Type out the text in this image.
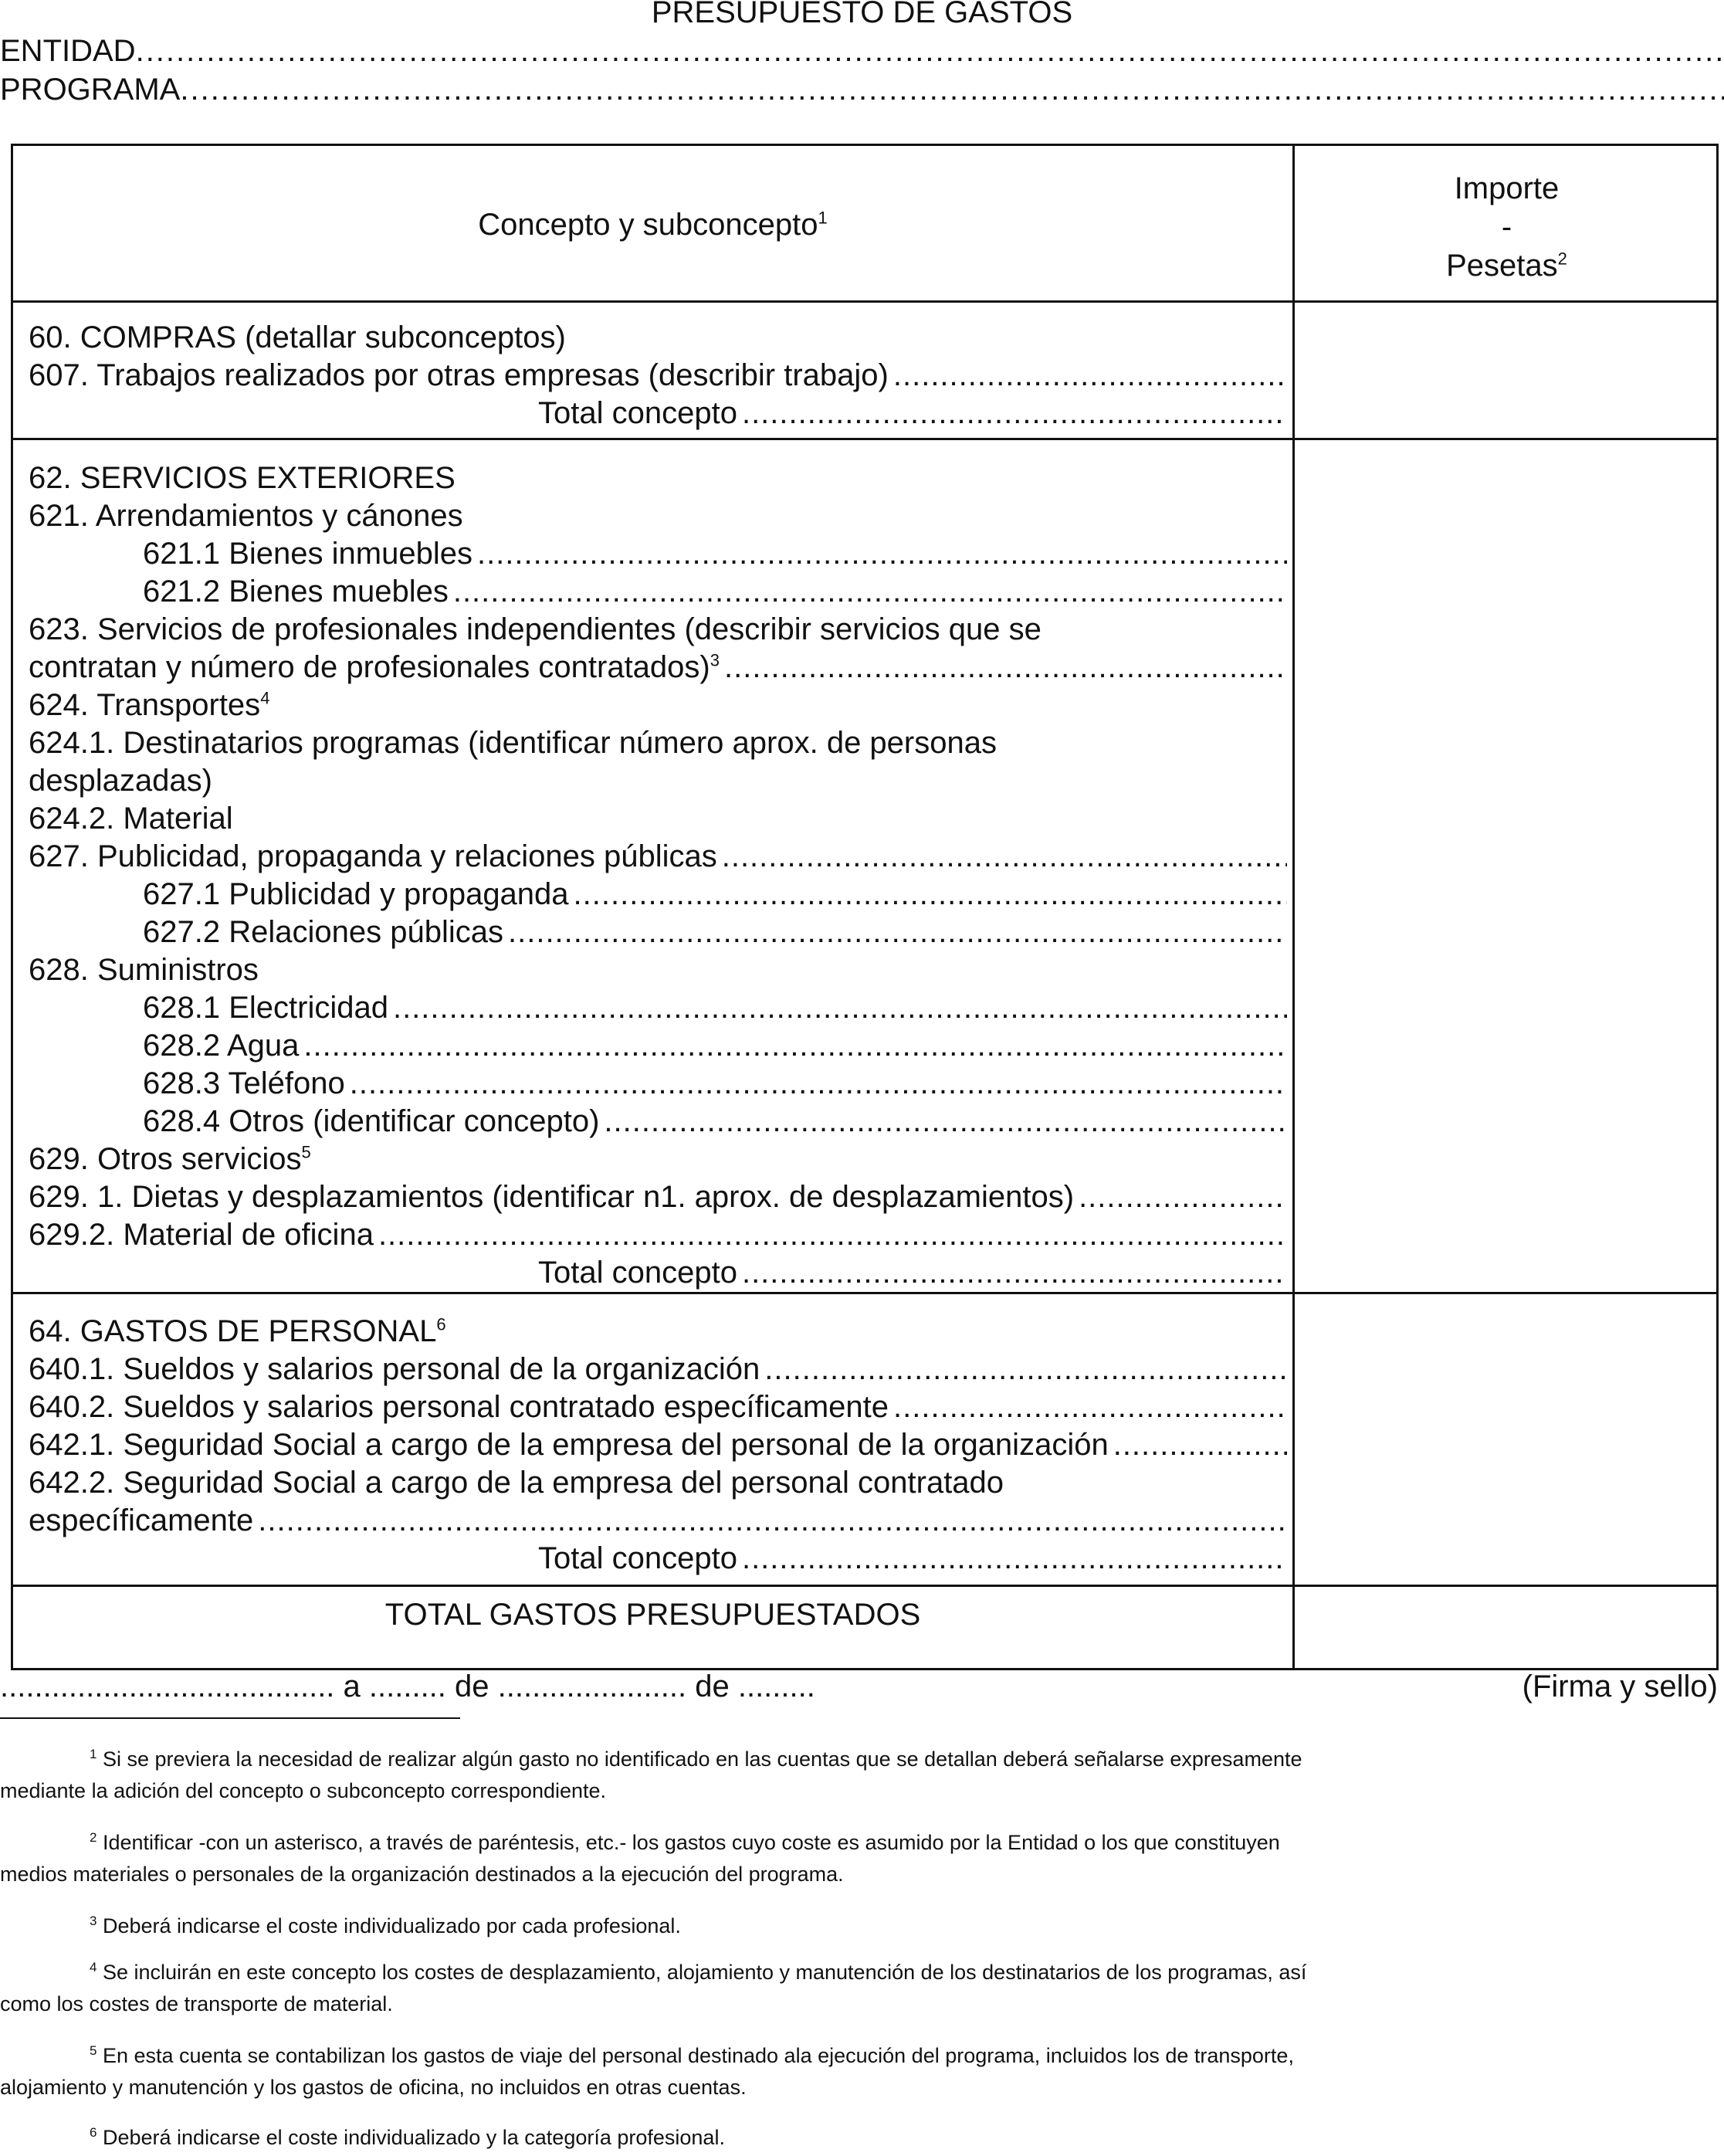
PRESUPUESTO DE GASTOS
ENTIDAD
.....
PROGRAMA
.....
Concepto y subconcepto$^1$
Importe
-
Pesetas$^2$
60. COMPRAS (detallar subconceptos)
607. Trabajos realizados por otras empresas (describir trabajo)
.....
Total concepto
.....
62. SERVICIOS EXTERIORES
621. Arrendamientos y cánones
621.1 Bienes inmuebles
.....
621.2 Bienes muebles
.....
623. Servicios de profesionales independientes (describir servicios que se
contratan y número de profesionales contratados)$^3$
.....
624. Transportes$^4$
624.1. Destinatarios programas (identificar número aprox. de personas
desplazadas)
624.2. Material
627. Publicidad, propaganda y relaciones públicas
.....
627.1 Publicidad y propaganda
.....
627.2 Relaciones públicas
.....
628. Suministros
628.1 Electricidad
.....
628.2 Agua
.....
628.3 Teléfono
.....
628.4 Otros (identificar concepto)
.....
629. Otros servicios$^5$
629. 1. Dietas y desplazamientos (identificar n1. aprox. de desplazamientos)
.....
629.2. Material de oficina
.....
Total concepto
.....
64. GASTOS DE PERSONAL$^6$
640.1. Sueldos y salarios personal de la organización
.....
640.2. Sueldos y salarios personal contratado específicamente
.....
642.1. Seguridad Social a cargo de la empresa del personal de la organización
.....
642.2. Seguridad Social a cargo de la empresa del personal contratado
específicamente
.....
Total concepto
.....
TOTAL GASTOS PRESUPUESTADOS
....................................... a ......... de ...................... de .........	(Firma y sello)
$^1$ Si se previera la necesidad de realizar algún gasto no identificado en las cuentas que se detallan deberá señalarse expresamente
mediante la adición del concepto o subconcepto correspondiente.
$^2$ Identificar -con un asterisco, a través de paréntesis, etc.- los gastos cuyo coste es asumido por la Entidad o los que constituyen
medios materiales o personales de la organización destinados a la ejecución del programa.
$^3$ Deberá indicarse el coste individualizado por cada profesional.
$^4$ Se incluirán en este concepto los costes de desplazamiento, alojamiento y manutención de los destinatarios de los programas, así
como los costes de transporte de material.
$^5$ En esta cuenta se contabilizan los gastos de viaje del personal destinado ala ejecución del programa, incluidos los de transporte,
alojamiento y manutención y los gastos de oficina, no incluidos en otras cuentas.
$^6$ Deberá indicarse el coste individualizado y la categoría profesional.
